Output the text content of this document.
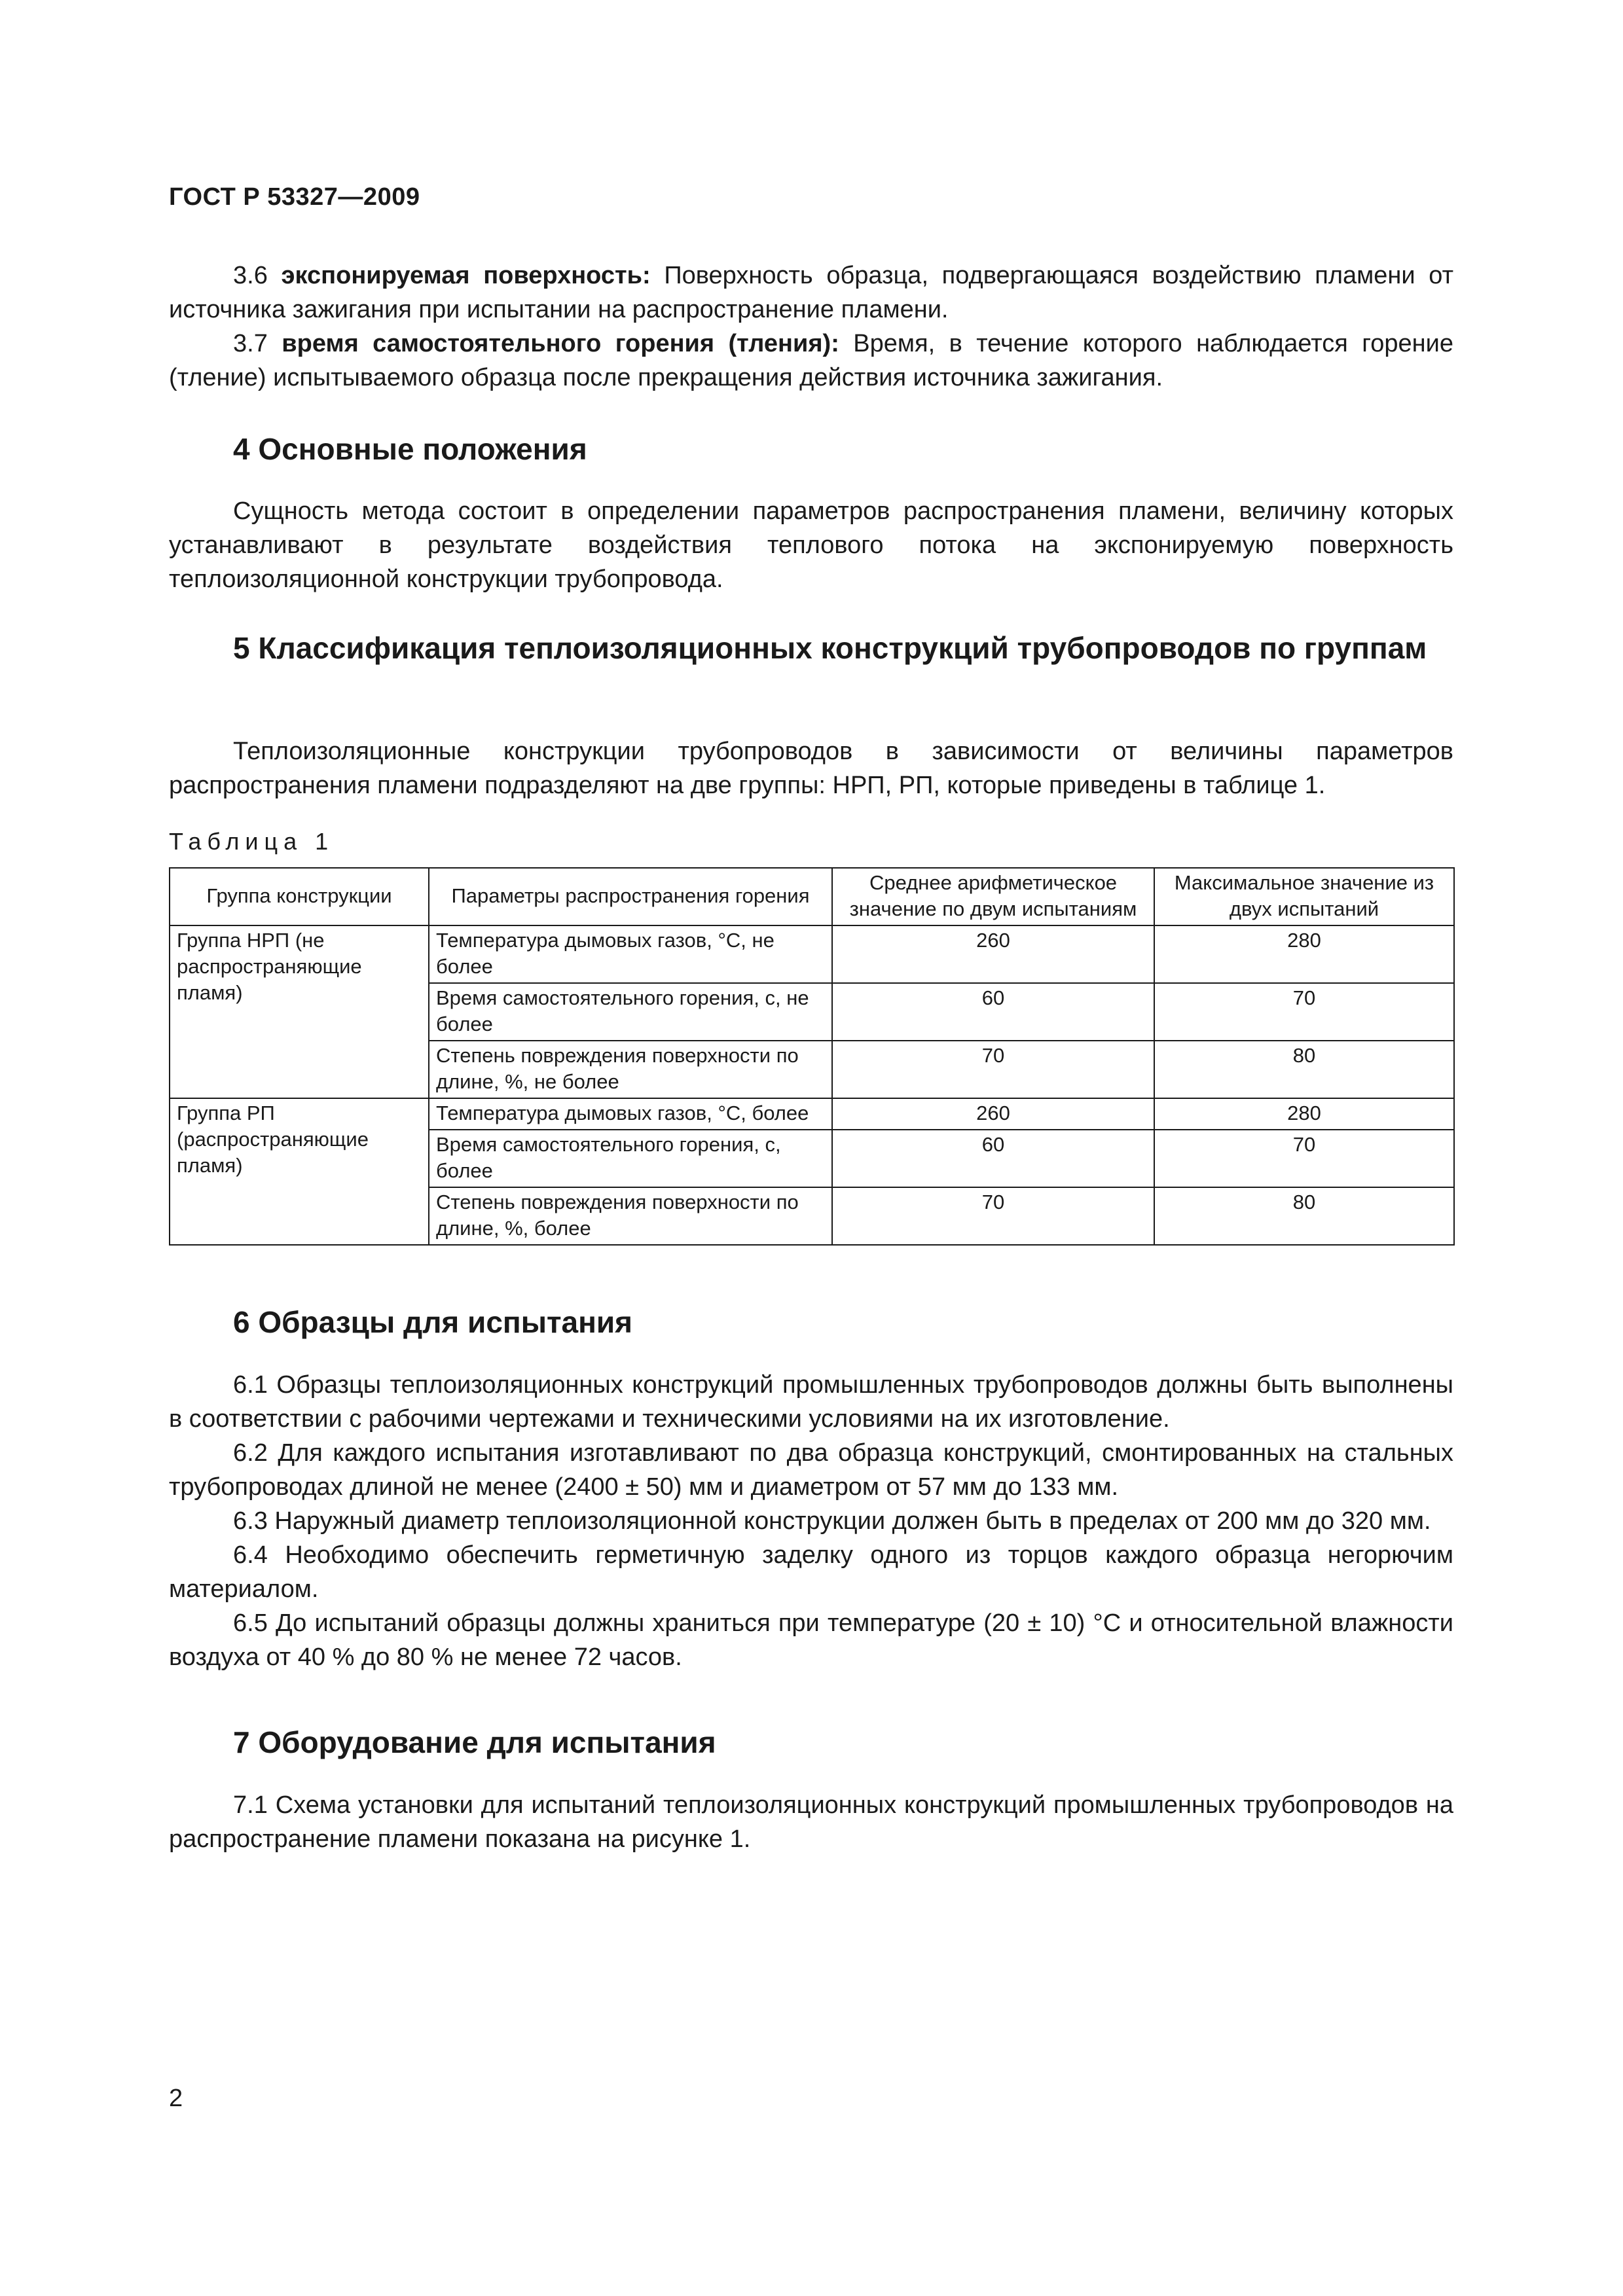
ГОСТ Р 53327—2009

3.6 экспонируемая поверхность: Поверхность образца, подвергающаяся воздействию пламени от источника зажигания при испытании на распространение пламени.

3.7 время самостоятельного горения (тления): Время, в течение которого наблюдается горение (тление) испытываемого образца после прекращения действия источника зажигания.

4 Основные положения

Сущность метода состоит в определении параметров распространения пламени, величину которых устанавливают в результате воздействия теплового потока на экспонируемую поверхность теплоизоляционной конструкции трубопровода.

5 Классификация теплоизоляционных конструкций трубопроводов по группам

Теплоизоляционные конструкции трубопроводов в зависимости от величины параметров распространения пламени подразделяют на две группы: НРП, РП, которые приведены в таблице 1.

Таблица 1
Группа конструкции	Параметры распространения горения	Среднее арифметическое значение по двум испытаниям	Максимальное значение из двух испытаний
Группа НРП (не распространяющие пламя)	Температура дымовых газов, °С, не более	260	280
	Время самостоятельного горения, с, не более	60	70
	Степень повреждения поверхности по длине, %, не более	70	80
Группа РП (распространяющие пламя)	Температура дымовых газов, °С, более	260	280
	Время самостоятельного горения, с, более	60	70
	Степень повреждения поверхности по длине, %, более	70	80
6 Образцы для испытания

6.1 Образцы теплоизоляционных конструкций промышленных трубопроводов должны быть выполнены в соответствии с рабочими чертежами и техническими условиями на их изготовление.

6.2 Для каждого испытания изготавливают по два образца конструкций, смонтированных на стальных трубопроводах длиной не менее (2400 ± 50) мм и диаметром от 57 мм до 133 мм.

6.3 Наружный диаметр теплоизоляционной конструкции должен быть в пределах от 200 мм до 320 мм.

6.4 Необходимо обеспечить герметичную заделку одного из торцов каждого образца негорючим материалом.

6.5 До испытаний образцы должны храниться при температуре (20 ± 10) °С и относительной влажности воздуха от 40 % до 80 % не менее 72 часов.

7 Оборудование для испытания

7.1 Схема установки для испытаний теплоизоляционных конструкций промышленных трубопроводов на распространение пламени показана на рисунке 1.

2
